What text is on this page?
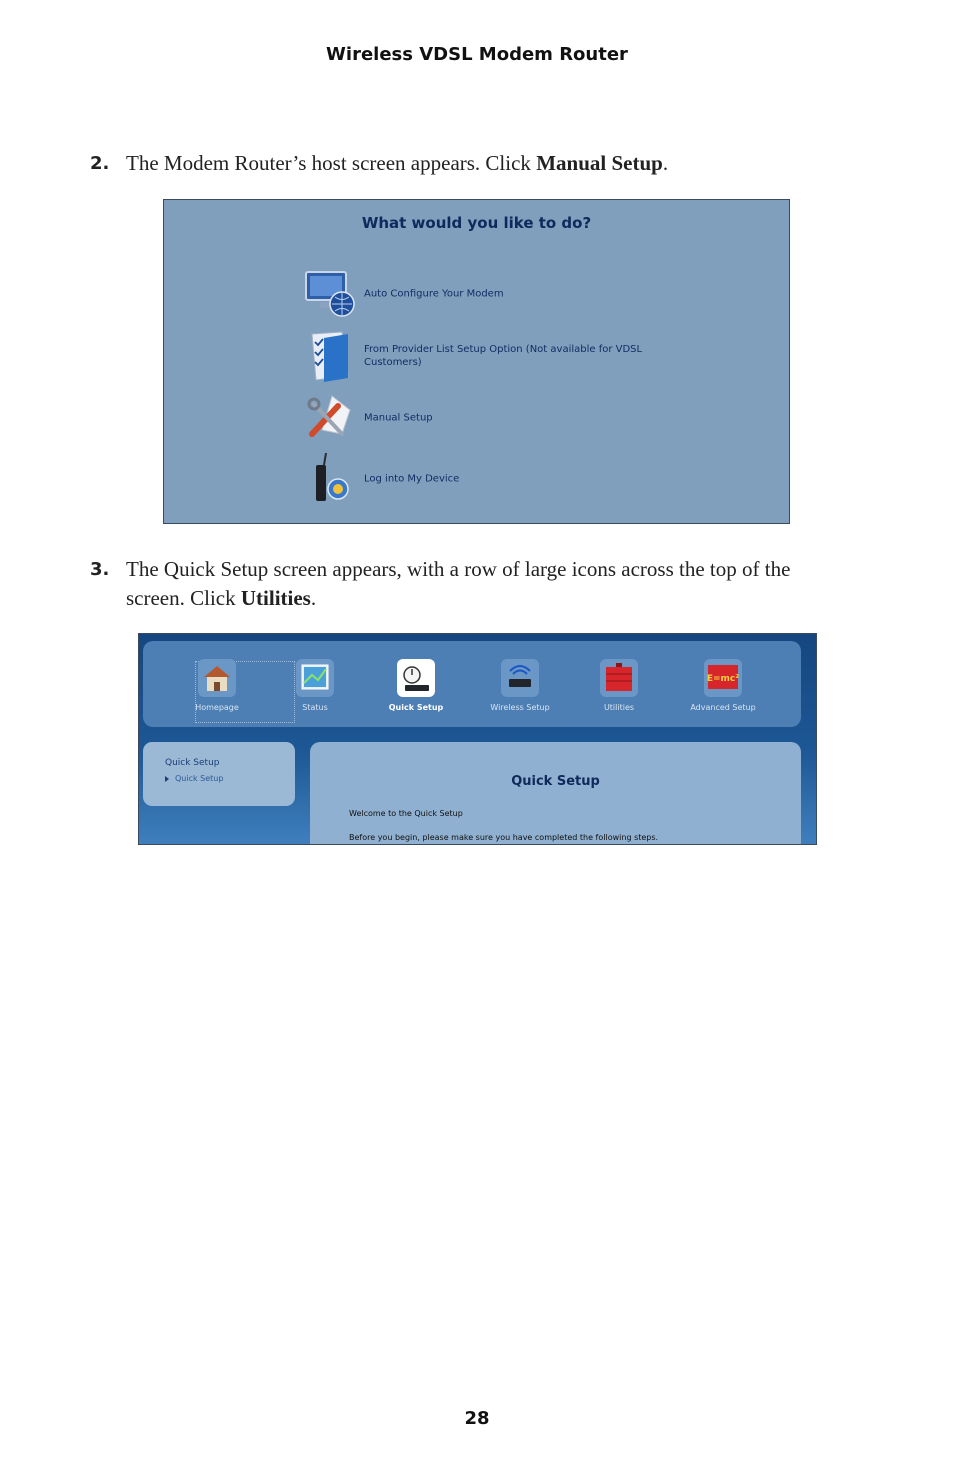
Wireless VDSL Modem Router
2. The Modem Router’s host screen appears. Click Manual Setup.
What would you like to do?
Auto Configure Your Modem
From Provider List Setup Option (Not available for VDSL
Customers)
Manual Setup
Log into My Device
3. The Quick Setup screen appears, with a row of large icons across the top of the
screen. Click Utilities.
Homepage	Status	Quick Setup	Wireless Setup	Utilities
E=mc²
Advanced Setup
Quick Setup
Quick Setup	Quick Setup
Welcome to the Quick Setup
Before you begin, please make sure you have completed the following steps.
28
